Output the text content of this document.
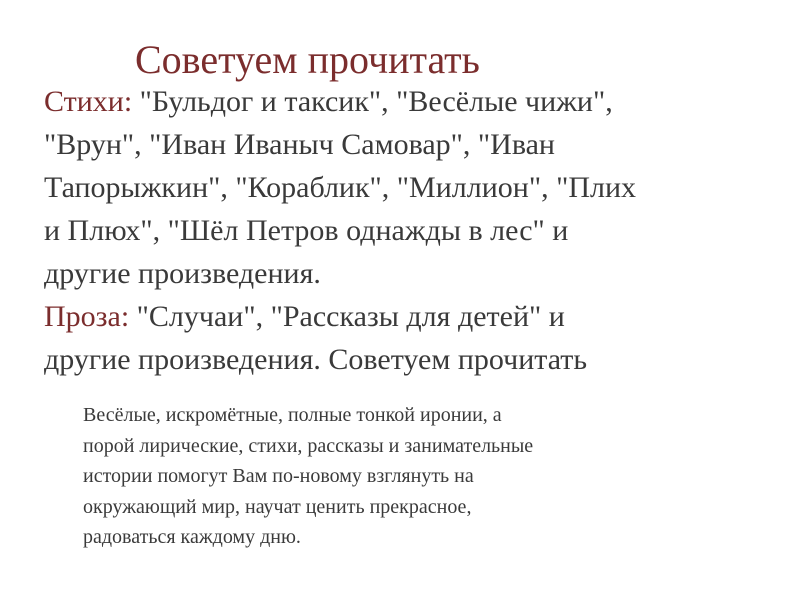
Советуем прочитать
Стихи: "Бульдог и таксик", "Весёлые чижи",
"Врун", "Иван Иваныч Самовар", "Иван
Тапорыжкин", "Кораблик", "Миллион", "Плих
и Плюх", "Шёл Петров однажды в лес" и
другие произведения.
Проза: "Случаи", "Рассказы для детей" и
другие произведения. Советуем прочитать
Весёлые, искромётные, полные тонкой иронии, а
порой лирические, стихи, рассказы и занимательные
истории помогут Вам по-новому взглянуть на
окружающий мир, научат ценить прекрасное,
радоваться каждому дню.
